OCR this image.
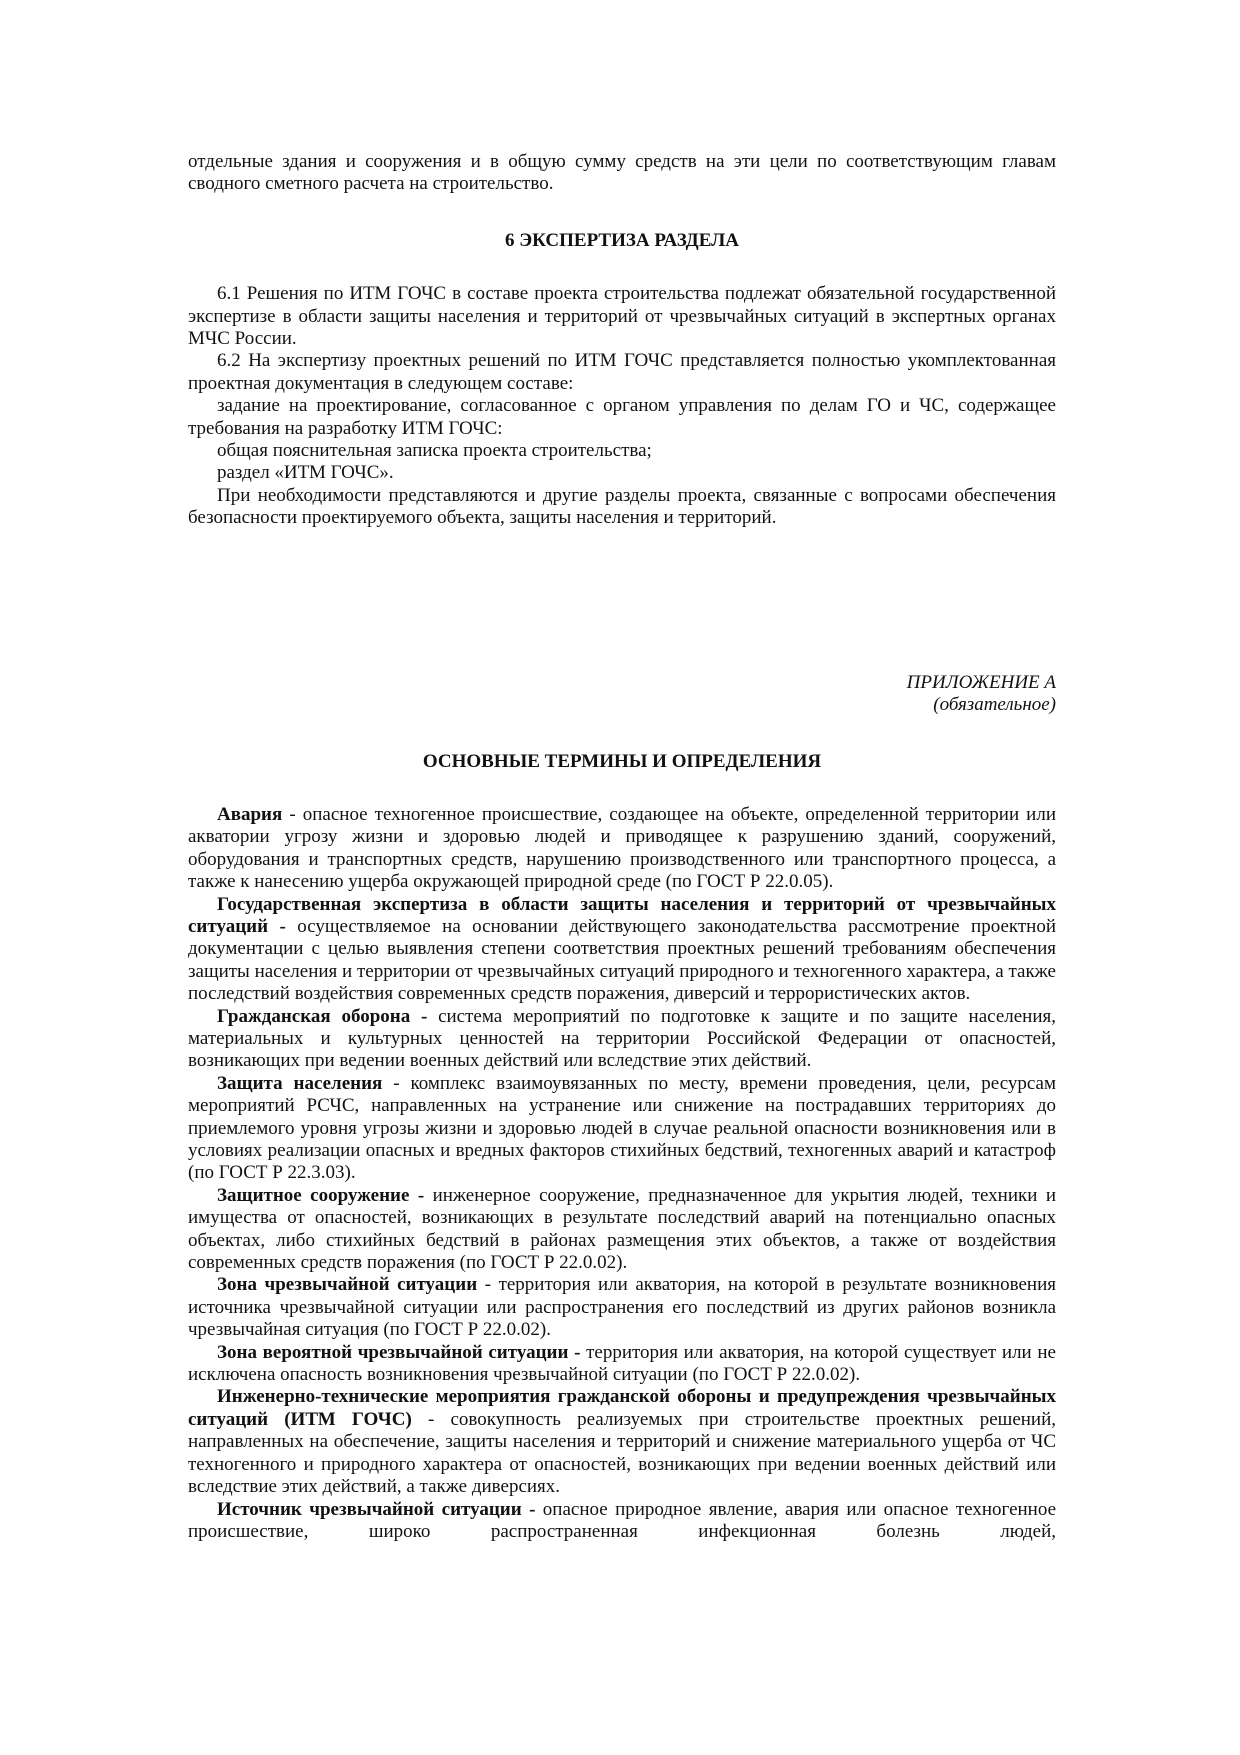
отдельные здания и сооружения и в общую сумму средств на эти цели по соответствующим главам сводного сметного расчета на строительство.

6 ЭКСПЕРТИЗА РАЗДЕЛА

6.1 Решения по ИТМ ГОЧС в составе проекта строительства подлежат обязательной государственной экспертизе в области защиты населения и территорий от чрезвычайных ситуаций в экспертных органах МЧС России.

6.2 На экспертизу проектных решений по ИТМ ГОЧС представляется полностью укомплектованная проектная документация в следующем составе:

задание на проектирование, согласованное с органом управления по делам ГО и ЧС, содержащее требования на разработку ИТМ ГОЧС:

общая пояснительная записка проекта строительства;

раздел «ИТМ ГОЧС».

При необходимости представляются и другие разделы проекта, связанные с вопросами обеспечения безопасности проектируемого объекта, защиты населения и территорий.

ПРИЛОЖЕНИЕ А

(обязательное)

ОСНОВНЫЕ ТЕРМИНЫ И ОПРЕДЕЛЕНИЯ

Авария - опасное техногенное происшествие, создающее на объекте, определенной территории или акватории угрозу жизни и здоровью людей и приводящее к разрушению зданий, сооружений, оборудования и транспортных средств, нарушению производственного или транспортного процесса, а также к нанесению ущерба окружающей природной среде (по ГОСТ Р 22.0.05).

Государственная экспертиза в области защиты населения и территорий от чрезвычайных ситуаций - осуществляемое на основании действующего законодательства рассмотрение проектной документации с целью выявления степени соответствия проектных решений требованиям обеспечения защиты населения и территории от чрезвычайных ситуаций природного и техногенного характера, а также последствий воздействия современных средств поражения, диверсий и террористических актов.

Гражданская оборона - система мероприятий по подготовке к защите и по защите населения, материальных и культурных ценностей на территории Российской Федерации от опасностей, возникающих при ведении военных действий или вследствие этих действий.

Защита населения - комплекс взаимоувязанных по месту, времени проведения, цели, ресурсам мероприятий РСЧС, направленных на устранение или снижение на пострадавших территориях до приемлемого уровня угрозы жизни и здоровью людей в случае реальной опасности возникновения или в условиях реализации опасных и вредных факторов стихийных бедствий, техногенных аварий и катастроф (по ГОСТ Р 22.3.03).

Защитное сооружение - инженерное сооружение, предназначенное для укрытия людей, техники и имущества от опасностей, возникающих в результате последствий аварий на потенциально опасных объектах, либо стихийных бедствий в районах размещения этих объектов, а также от воздействия современных средств поражения (по ГОСТ Р 22.0.02).

Зона чрезвычайной ситуации - территория или акватория, на которой в результате возникновения источника чрезвычайной ситуации или распространения его последствий из других районов возникла чрезвычайная ситуация (по ГОСТ Р 22.0.02).

Зона вероятной чрезвычайной ситуации - территория или акватория, на которой существует или не исключена опасность возникновения чрезвычайной ситуации (по ГОСТ Р 22.0.02).

Инженерно-технические мероприятия гражданской обороны и предупреждения чрезвычайных ситуаций (ИТМ ГОЧС) - совокупность реализуемых при строительстве проектных решений, направленных на обеспечение, защиты населения и территорий и снижение материального ущерба от ЧС техногенного и природного характера от опасностей, возникающих при ведении военных действий или вследствие этих действий, а также диверсиях.

Источник чрезвычайной ситуации - опасное природное явление, авария или опасное техногенное происшествие, широко распространенная инфекционная болезнь людей,
